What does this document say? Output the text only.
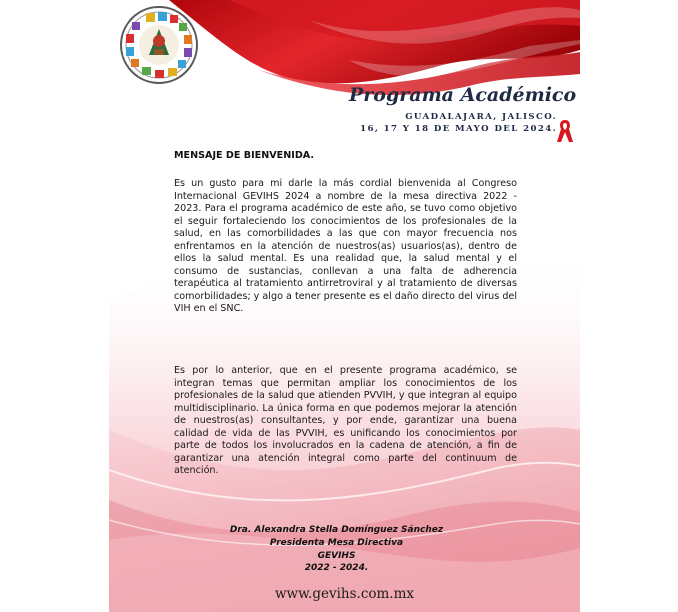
Programa Académico
GUADALAJARA, JALISCO.
16, 17 Y 18 DE MAYO DEL 2024.
MENSAJE DE BIENVENIDA.
Es un gusto para mi darle la más cordial bienvenida al Congreso Internacional GEVIHS 2024 a nombre de la mesa directiva 2022 - 2023. Para el programa académico de este año, se tuvo como objetivo el seguir fortaleciendo los conocimientos de los profesionales de la salud, en las comorbilidades a las que con mayor frecuencia nos enfrentamos en la atención de nuestros(as) usuarios(as), dentro de ellos la salud mental. Es una realidad que, la salud mental y el consumo de sustancias, conllevan a una falta de adherencia terapéutica al tratamiento antirretroviral y al tratamiento de diversas comorbilidades; y algo a tener presente es el daño directo del virus del VIH en el SNC.
Es por lo anterior, que en el presente programa académico, se integran temas que permitan ampliar los conocimientos de los profesionales de la salud que atienden PVVIH, y que integran al equipo multidisciplinario. La única forma en que podemos mejorar la atención de nuestros(as) consultantes, y por ende, garantizar una buena calidad de vida de las PVVIH, es unificando los conocimientos por parte de todos los involucrados en la cadena de atención, a fin de garantizar una atención integral como parte del continuum de atención.
Dra. Alexandra Stella Domínguez Sánchez
Presidenta Mesa Directiva
GEVIHS
2022 - 2024.
www.gevihs.com.mx
